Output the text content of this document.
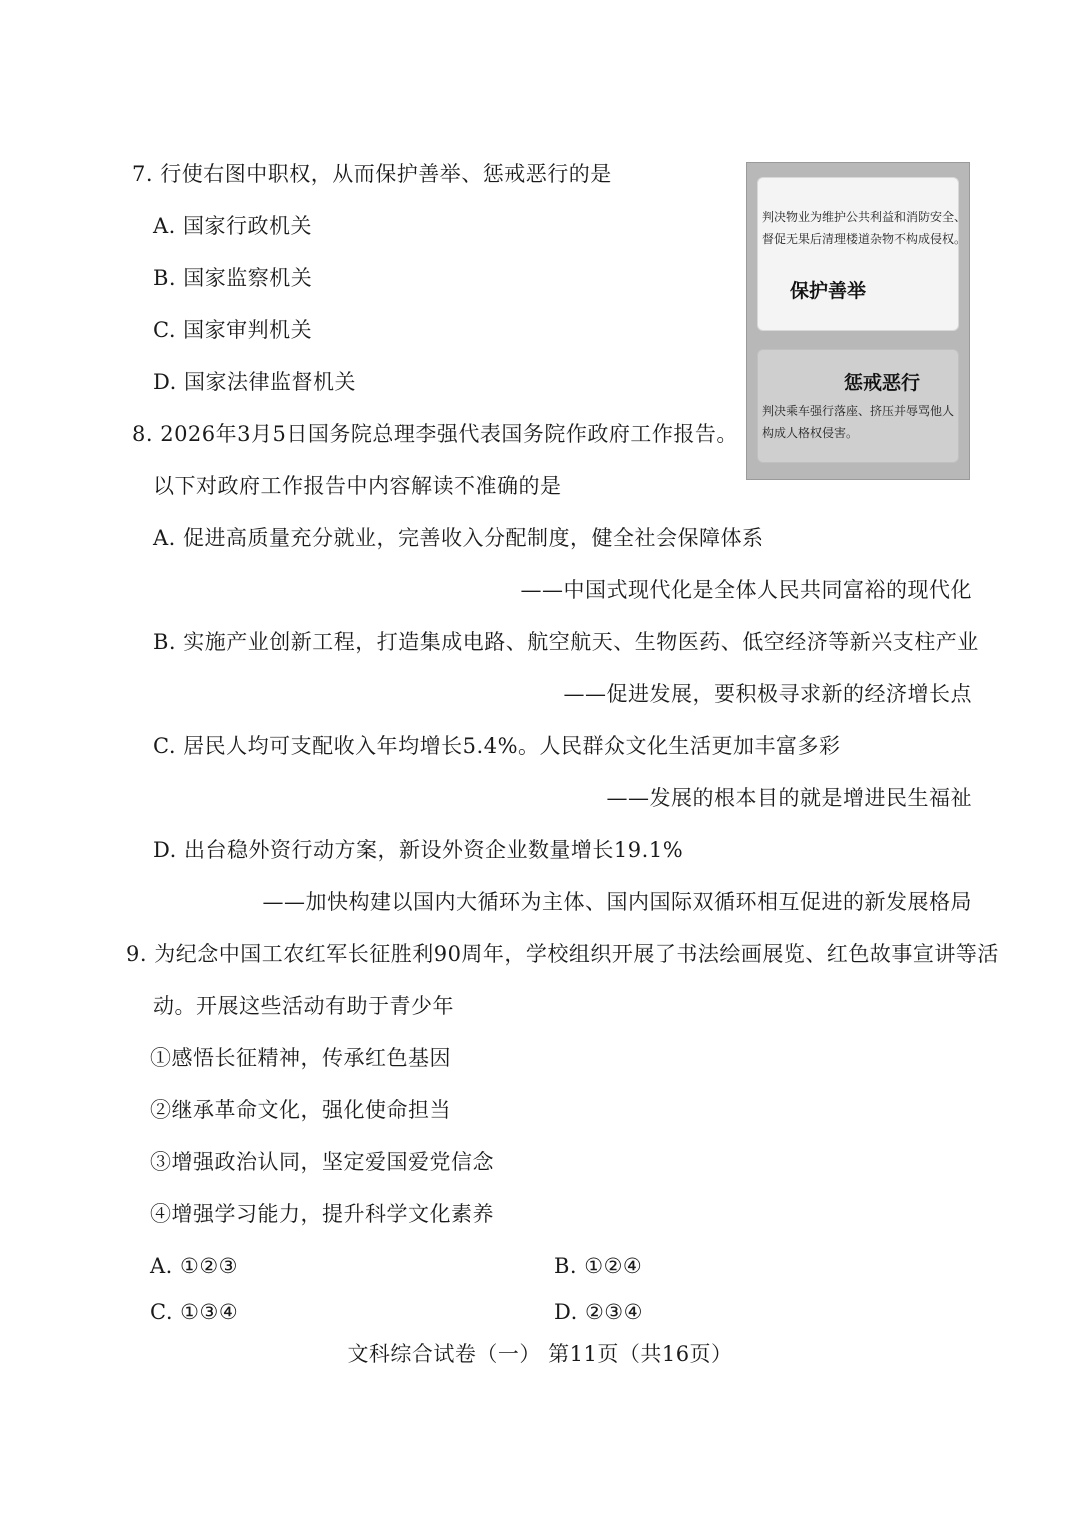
7. 行使右图中职权，从而保护善举、惩戒恶行的是
A. 国家行政机关
B. 国家监察机关
C. 国家审判机关
D. 国家法律监督机关
判决物业为维护公共利益和消防安全、
督促无果后清理楼道杂物不构成侵权。
保护善举
惩戒恶行
判决乘车强行落座、挤压并辱骂他人
构成人格权侵害。
8. 2026年3月5日国务院总理李强代表国务院作政府工作报告。
以下对政府工作报告中内容解读不准确的是
A. 促进高质量充分就业，完善收入分配制度，健全社会保障体系
——中国式现代化是全体人民共同富裕的现代化
B. 实施产业创新工程，打造集成电路、航空航天、生物医药、低空经济等新兴支柱产业
——促进发展，要积极寻求新的经济增长点
C. 居民人均可支配收入年均增长5.4%。人民群众文化生活更加丰富多彩
——发展的根本目的就是增进民生福祉
D. 出台稳外资行动方案，新设外资企业数量增长19.1%
——加快构建以国内大循环为主体、国内国际双循环相互促进的新发展格局
9. 为纪念中国工农红军长征胜利90周年，学校组织开展了书法绘画展览、红色故事宣讲等活
动。开展这些活动有助于青少年
①感悟长征精神，传承红色基因
②继承革命文化，强化使命担当
③增强政治认同，坚定爱国爱党信念
④增强学习能力，提升科学文化素养
A. ①②③	B. ①②④
C. ①③④	D. ②③④
文科综合试卷（一） 第11页（共16页）
